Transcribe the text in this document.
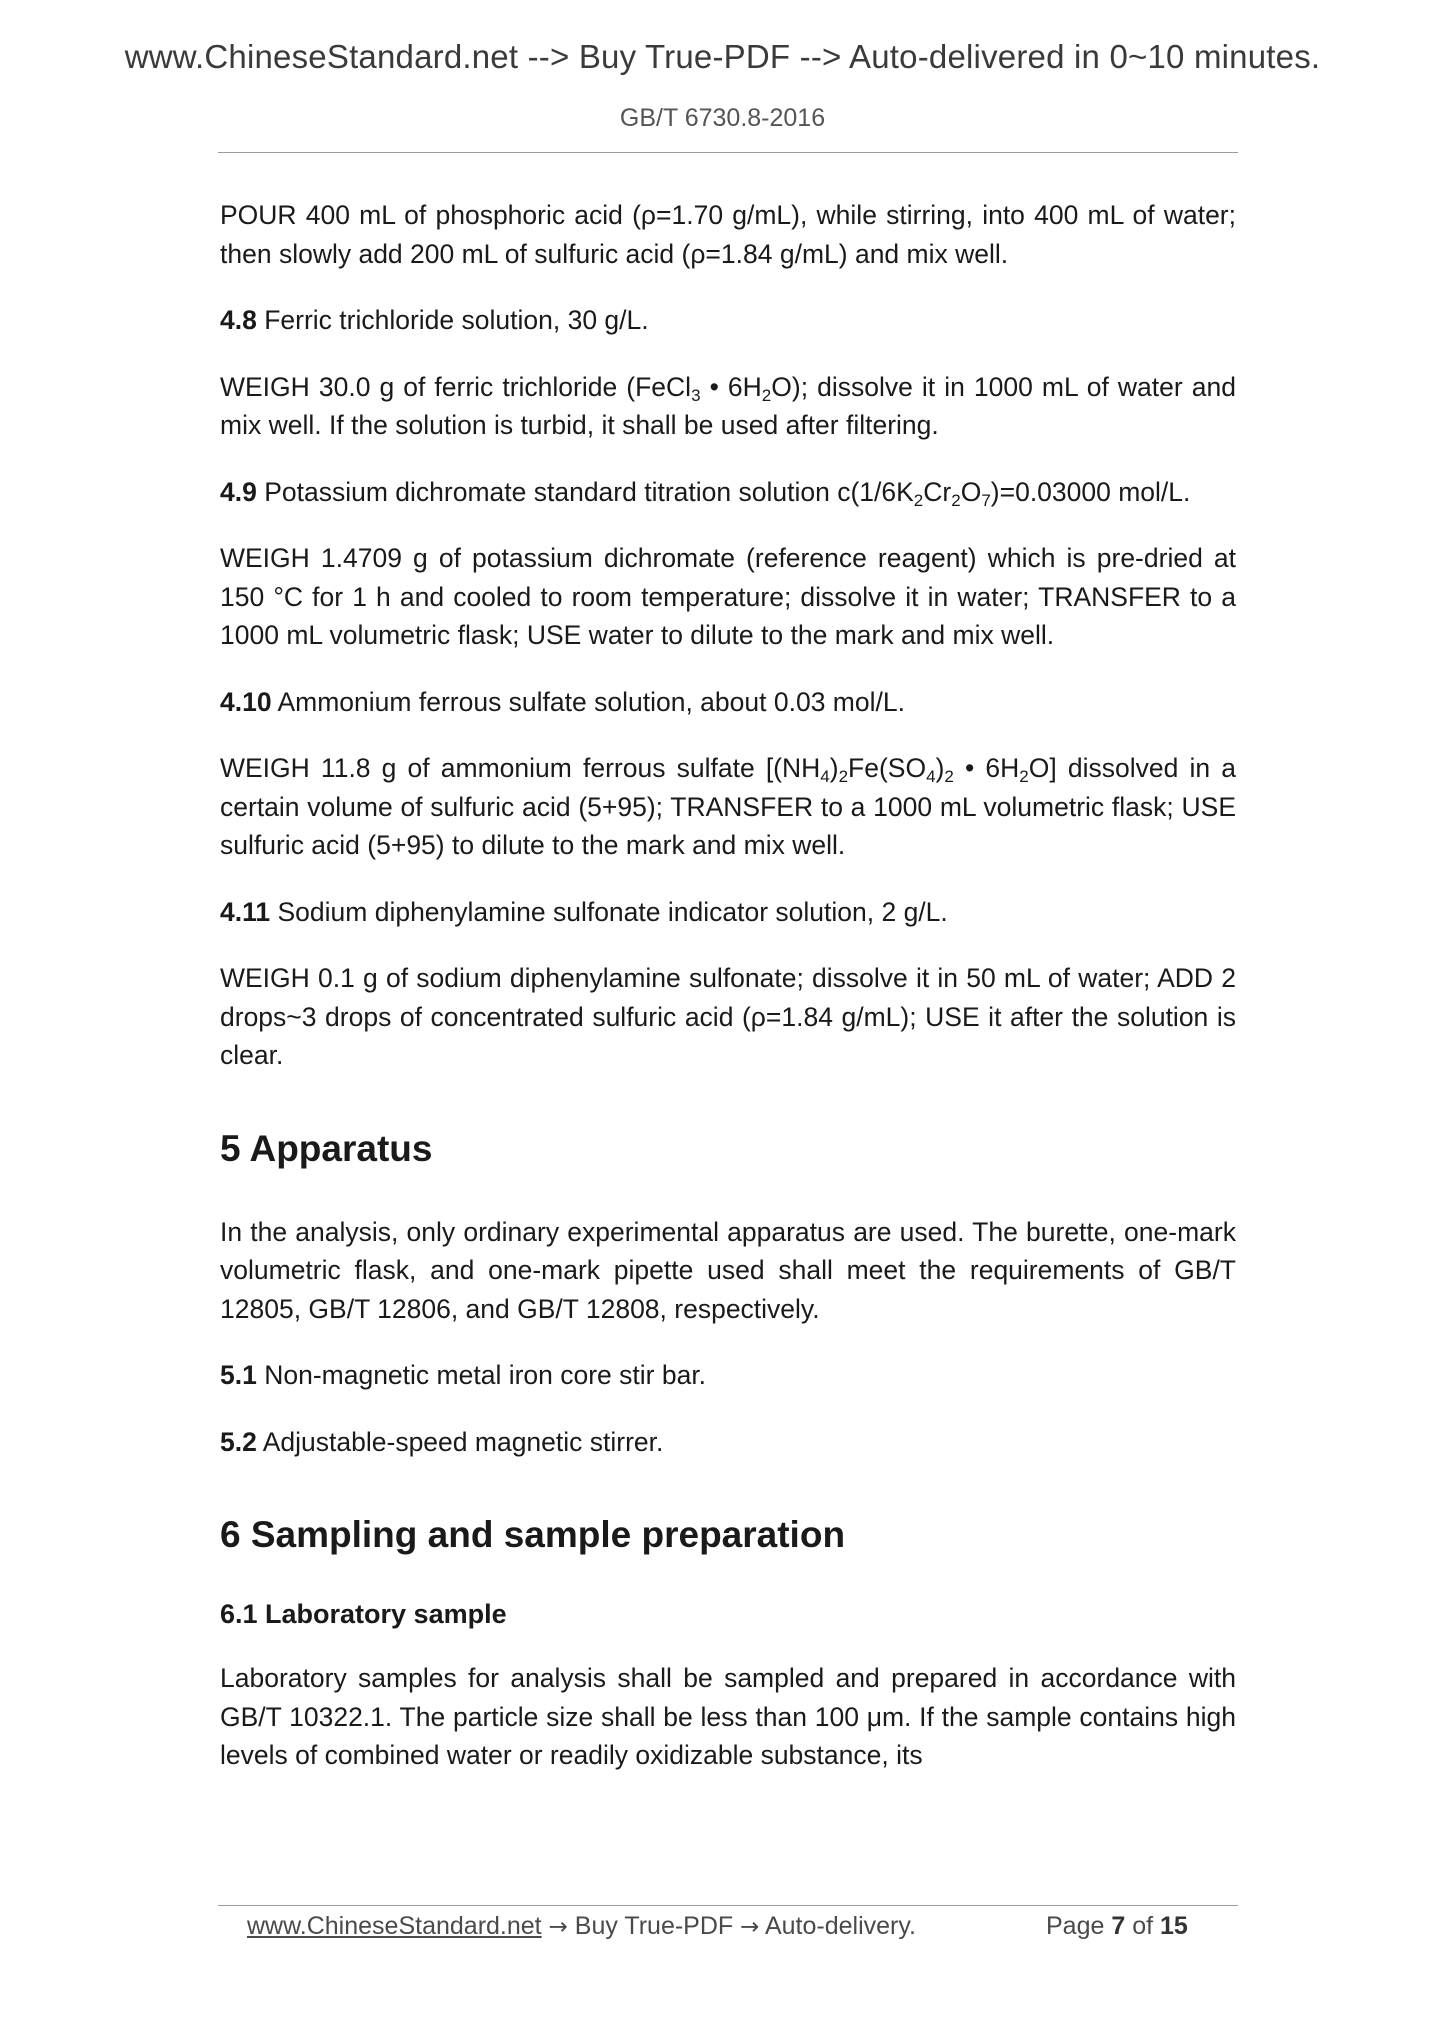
www.ChineseStandard.net --> Buy True-PDF --> Auto-delivered in 0~10 minutes.
GB/T 6730.8-2016

POUR 400 mL of phosphoric acid (ρ=1.70 g/mL), while stirring, into 400 mL of water; then slowly add 200 mL of sulfuric acid (ρ=1.84 g/mL) and mix well.

4.8 Ferric trichloride solution, 30 g/L.

WEIGH 30.0 g of ferric trichloride (FeCl$_3$ • $6H_2O$); dissolve it in 1000 mL of water and mix well. If the solution is turbid, it shall be used after filtering.

4.9 Potassium dichromate standard titration solution $c(1/6K_2Cr_2O_7)=0.03000$ mol/L.

WEIGH 1.4709 g of potassium dichromate (reference reagent) which is pre-dried at 150 °C for 1 h and cooled to room temperature; dissolve it in water; TRANSFER to a 1000 mL volumetric flask; USE water to dilute to the mark and mix well.

4.10 Ammonium ferrous sulfate solution, about 0.03 mol/L.

WEIGH 11.8 g of ammonium ferrous sulfate [$(NH_4)_2Fe(SO_4)_2$ • $6H_2O$] dissolved in a certain volume of sulfuric acid (5+95); TRANSFER to a 1000 mL volumetric flask; USE sulfuric acid (5+95) to dilute to the mark and mix well.

4.11 Sodium diphenylamine sulfonate indicator solution, 2 g/L.

WEIGH 0.1 g of sodium diphenylamine sulfonate; dissolve it in 50 mL of water; ADD 2 drops~3 drops of concentrated sulfuric acid (ρ=1.84 g/mL); USE it after the solution is clear.

5 Apparatus

In the analysis, only ordinary experimental apparatus are used. The burette, one-mark volumetric flask, and one-mark pipette used shall meet the requirements of GB/T 12805, GB/T 12806, and GB/T 12808, respectively.

5.1 Non-magnetic metal iron core stir bar.

5.2 Adjustable-speed magnetic stirrer.

6 Sampling and sample preparation
6.1 Laboratory sample

Laboratory samples for analysis shall be sampled and prepared in accordance with GB/T 10322.1. The particle size shall be less than 100 μm. If the sample contains high levels of combined water or readily oxidizable substance, its

www.ChineseStandard.net → Buy True-PDF → Auto-delivery.	Page 7 of 15
